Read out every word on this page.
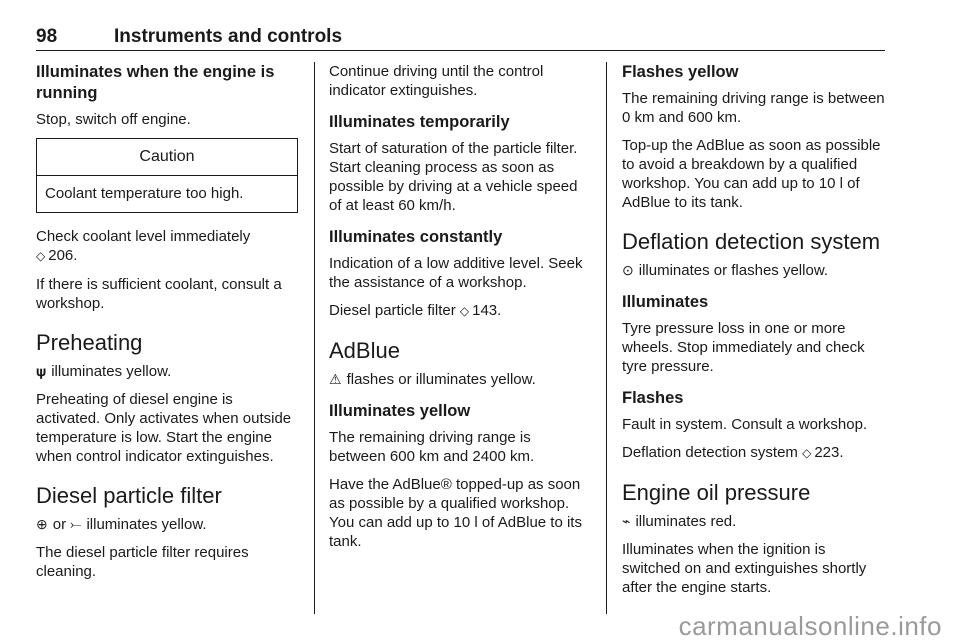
98	Instruments and controls
Illuminates when the engine is running

Stop, switch off engine.

Caution
Coolant temperature too high.

Check coolant level immediately
◇ 206.

If there is sufficient coolant, consult a workshop.

Preheating

𝛙 illuminates yellow.

Preheating of diesel engine is activated. Only activates when outside temperature is low. Start the engine when control indicator extinguishes.

Diesel particle filter

⊕ or ⤚ illuminates yellow.

The diesel particle filter requires cleaning.

Continue driving until the control indicator extinguishes.

Illuminates temporarily

Start of saturation of the particle filter. Start cleaning process as soon as possible by driving at a vehicle speed of at least 60 km/h.

Illuminates constantly

Indication of a low additive level. Seek the assistance of a workshop.

Diesel particle filter ◇ 143.

AdBlue

⚠ flashes or illuminates yellow.

Illuminates yellow

The remaining driving range is between 600 km and 2400 km.

Have the AdBlue® topped-up as soon as possible by a qualified workshop. You can add up to 10 l of AdBlue to its tank.

Flashes yellow

The remaining driving range is between 0 km and 600 km.

Top-up the AdBlue as soon as possible to avoid a breakdown by a qualified workshop. You can add up to 10 l of AdBlue to its tank.

Deflation detection system

⊙ illuminates or flashes yellow.

Illuminates

Tyre pressure loss in one or more wheels. Stop immediately and check tyre pressure.

Flashes

Fault in system. Consult a workshop.

Deflation detection system ◇ 223.

Engine oil pressure

⌁ illuminates red.

Illuminates when the ignition is switched on and extinguishes shortly after the engine starts.

carmanualsonline.info
